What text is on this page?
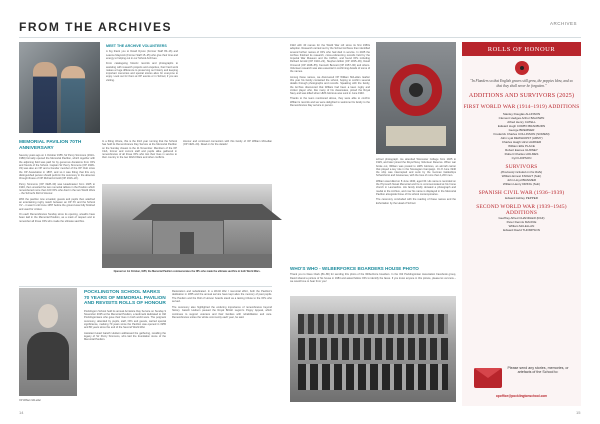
FROM THE ARCHIVES	ARCHIVES

MEET THE ARCHIVE VOLUNTEERS

A big thank you to David Dyson (Former Staff 80–16) and Leanne Maycock (Former Staff 15–25) who give their time and energy to helping out in our School Archives.

From cataloguing historic records and photographs to assisting with research projects and enquiries, their hard work makes a huge difference to preserving our history and keeping important memories and special stories alive for everyone to enjoy. Look out for them at OP events or in School, if you are visiting.

MEMORIAL PAVILION 70TH ANNIVERSARY

Seventy years ago on 1 October 1955, Sir Percy Simmons (1913–1980) formally opened the Memorial Pavilion, which together with the adjoining field was paid for by generous donations from OPs and friends of the School. Captain Sir Percy Simmons (OP 1928–33) was also an OP and a founder member of the OP Club since the OP Association in 1897, and so it was fitting that this very distinguished person should perform the ceremony in the absence through illness of OP Richard Arnold (OP 1916–22).

Percy Simmons (OP 1928–33) was Headmaster from 1925 to 1946, then unveiled the two memorial tablets in the Pavilion which remembered more than 100 OPs who died in the two World Wars – the School's Roll of Honour.

With the pavilion now unveiled, guests and pupils then watched an entertaining rugby match between an OP XV and the School XV – it wasn't until June 1957 before the ground was fully finished and used for cricket.

On each Remembrance Sunday since its opening, wreaths have been laid in the Memorial Pavilion, as a mark of respect and to remember all those OPs who made the ultimate sacrifice.

In a fitting tribute, this is the third year running that the School has held its Remembrance Day Service at the Memorial Pavilion on the Sunday closest to the 11 November. Members of the OP Club, former and current staff and pupils alike gathered in remembrance of all those OPs who lost their lives in service to their country in the two World Wars and other conflicts.

Opened on 1st October, 1955, the Memorial Pavilion commemorates the OPs who made the ultimate sacrifice in both World Wars.

Honour and continued connection with this family of OP William McLellan (OP 1920–24). Read on for the details!

1922 with 40 names for the World War roll since its first 1950s adoption. Research carried out by the School Archives then identified several further names of OPs who had died in service. In 2025 the Archive finished its research, cross-referencing records held by the Imperial War Museum and the CWGC, and found OPs including Richard Arnold (OP 1916–22), Stephen Elliott (OP 1935–39), David Ormerod (OP 1948–55), Kenneth Bennett (OP 1957–60) and others. Volunteer research was also essential in confirming details of some of the names.

Among these names, we discovered OP William McLellan. Earlier this year his family contacted the school, hoping to confirm several details through photographs and records. Speaking with the family, the Archive discovered that William had been a keen rugby and cricket player who, like many of his classmates, joined the Royal Navy and was killed when HMS Glorious was sunk in June 1940.

Thanks to the team mentioned above, they were able to confirm William's records and we were delighted to welcome his family to the Remembrance Day service in person.

school photograph. He attended Worcester College from 1925 to 1929, and later joined the Royal Navy Volunteer Reserve. When war broke out, William was posted to HMS Glorious, an aircraft carrier that played a key role in the Norwegian Campaign. On 8 June 1940 the ship was intercepted and sunk by the German battleships Scharnhorst and Gneisenau, with the loss of more than 1,200 men.

William was killed on 8 June 1940, aged 30. His name is recorded on the Plymouth Naval Memorial and he is commemorated at his home church in Lancashire. His family kindly donated a photograph and medal to the Archive, and now his name is displayed in the Memorial Pavilion alongside those of his school contemporaries.

The ceremony concluded with the reading of these names and the Exhortation by the Head of School.

OP William McLellan

POCKLINGTON SCHOOL MARKS 70 YEARS OF MEMORIAL PAVILION AND REVISITS ROLLS OF HONOUR

Pocklington School held its annual Armistice Day Service on Sunday 9 November 2025 at the Memorial Pavilion, a landmark dedicated to Old Pocklingtonians who gave their lives in both world wars. The poignant ceremony, attended by pupils, staff, OPs and guests, carried special significance, marking 70 years since the Pavilion was opened in 1955 and 80 years since the end of the Second World War.

Assistant Head Gareth Hudson addressed the gathering, recalling the legacy of Sir Percy Simmons, who laid the foundation stone of the Memorial Pavilion.

Restoration and rededicated. In a World War I memorial effort, both the Pavilion's dedication in 1955 and the annual service have kept alive the memory of past pupils. The Pavilion and the Roll of Honour boards stand as a lasting tribute to the OPs who served.

The ceremony also highlighted the enduring importance of remembrance beyond history. Gareth Hudson paused the Royal British Legion's Poppy Appeal, which continues to support veterans and their families with rehabilitation and care. Remembrance unites the whole community each year, he said.

WHO'S WHO - WILBERFORCE BOARDERS HOUSE PHOTO

Thank you to Dave Clark (84–86) for sending this photo of the Wilberforce boarders. In the Old Pocklingtonian Association Facebook group, David shared a picture of his house in 1984 and asked fellow OPs to identify the faces. If you know anyone in this picture, please let us know – we would love to hear from you!

ROLLS OF HONOUR

"In Flanders so that English graves still grow, the poppies blow, and so that they shall never be forgotten."

ADDITIONS AND SURVIVORS (2025)

FIRST WORLD WAR (1914–1919) ADDITIONS

Stanley Douglas ALLINSON

Clement Hedges Arthur BALDWIN

Alfred Henry CATELL

Edward Hugh CORBY-BRADBURN

George BREMNER

Frederick Charles COLLINSON (SOMEM)

John Lyal DEWHURST (ARMY)

Charles Haigh Hirst HARKER

William Ellis PLACE

Robert Eames GURNEY

Robert Charles HOLMES

Cyril HOPSON

SURVIVORS

(Previously included on the Rolls)

William Ernest KNIGHT (Sub)

John Lloyd BRAIMER

William Henry DRING (Sub)

SPANISH CIVIL WAR (1936–1939)

Edward Ashley PEPPER

SECOND WORLD WAR (1939–1945) ADDITIONS

Geoffrey Alfred CHANDLER (RAF)

Peter Dennis MACKIE

William McLELLAN

Edward David THOMPSON

Please send any stories, memories, or artefacts of the School to:

opoffice@pocklingtonschool.com
14	15
